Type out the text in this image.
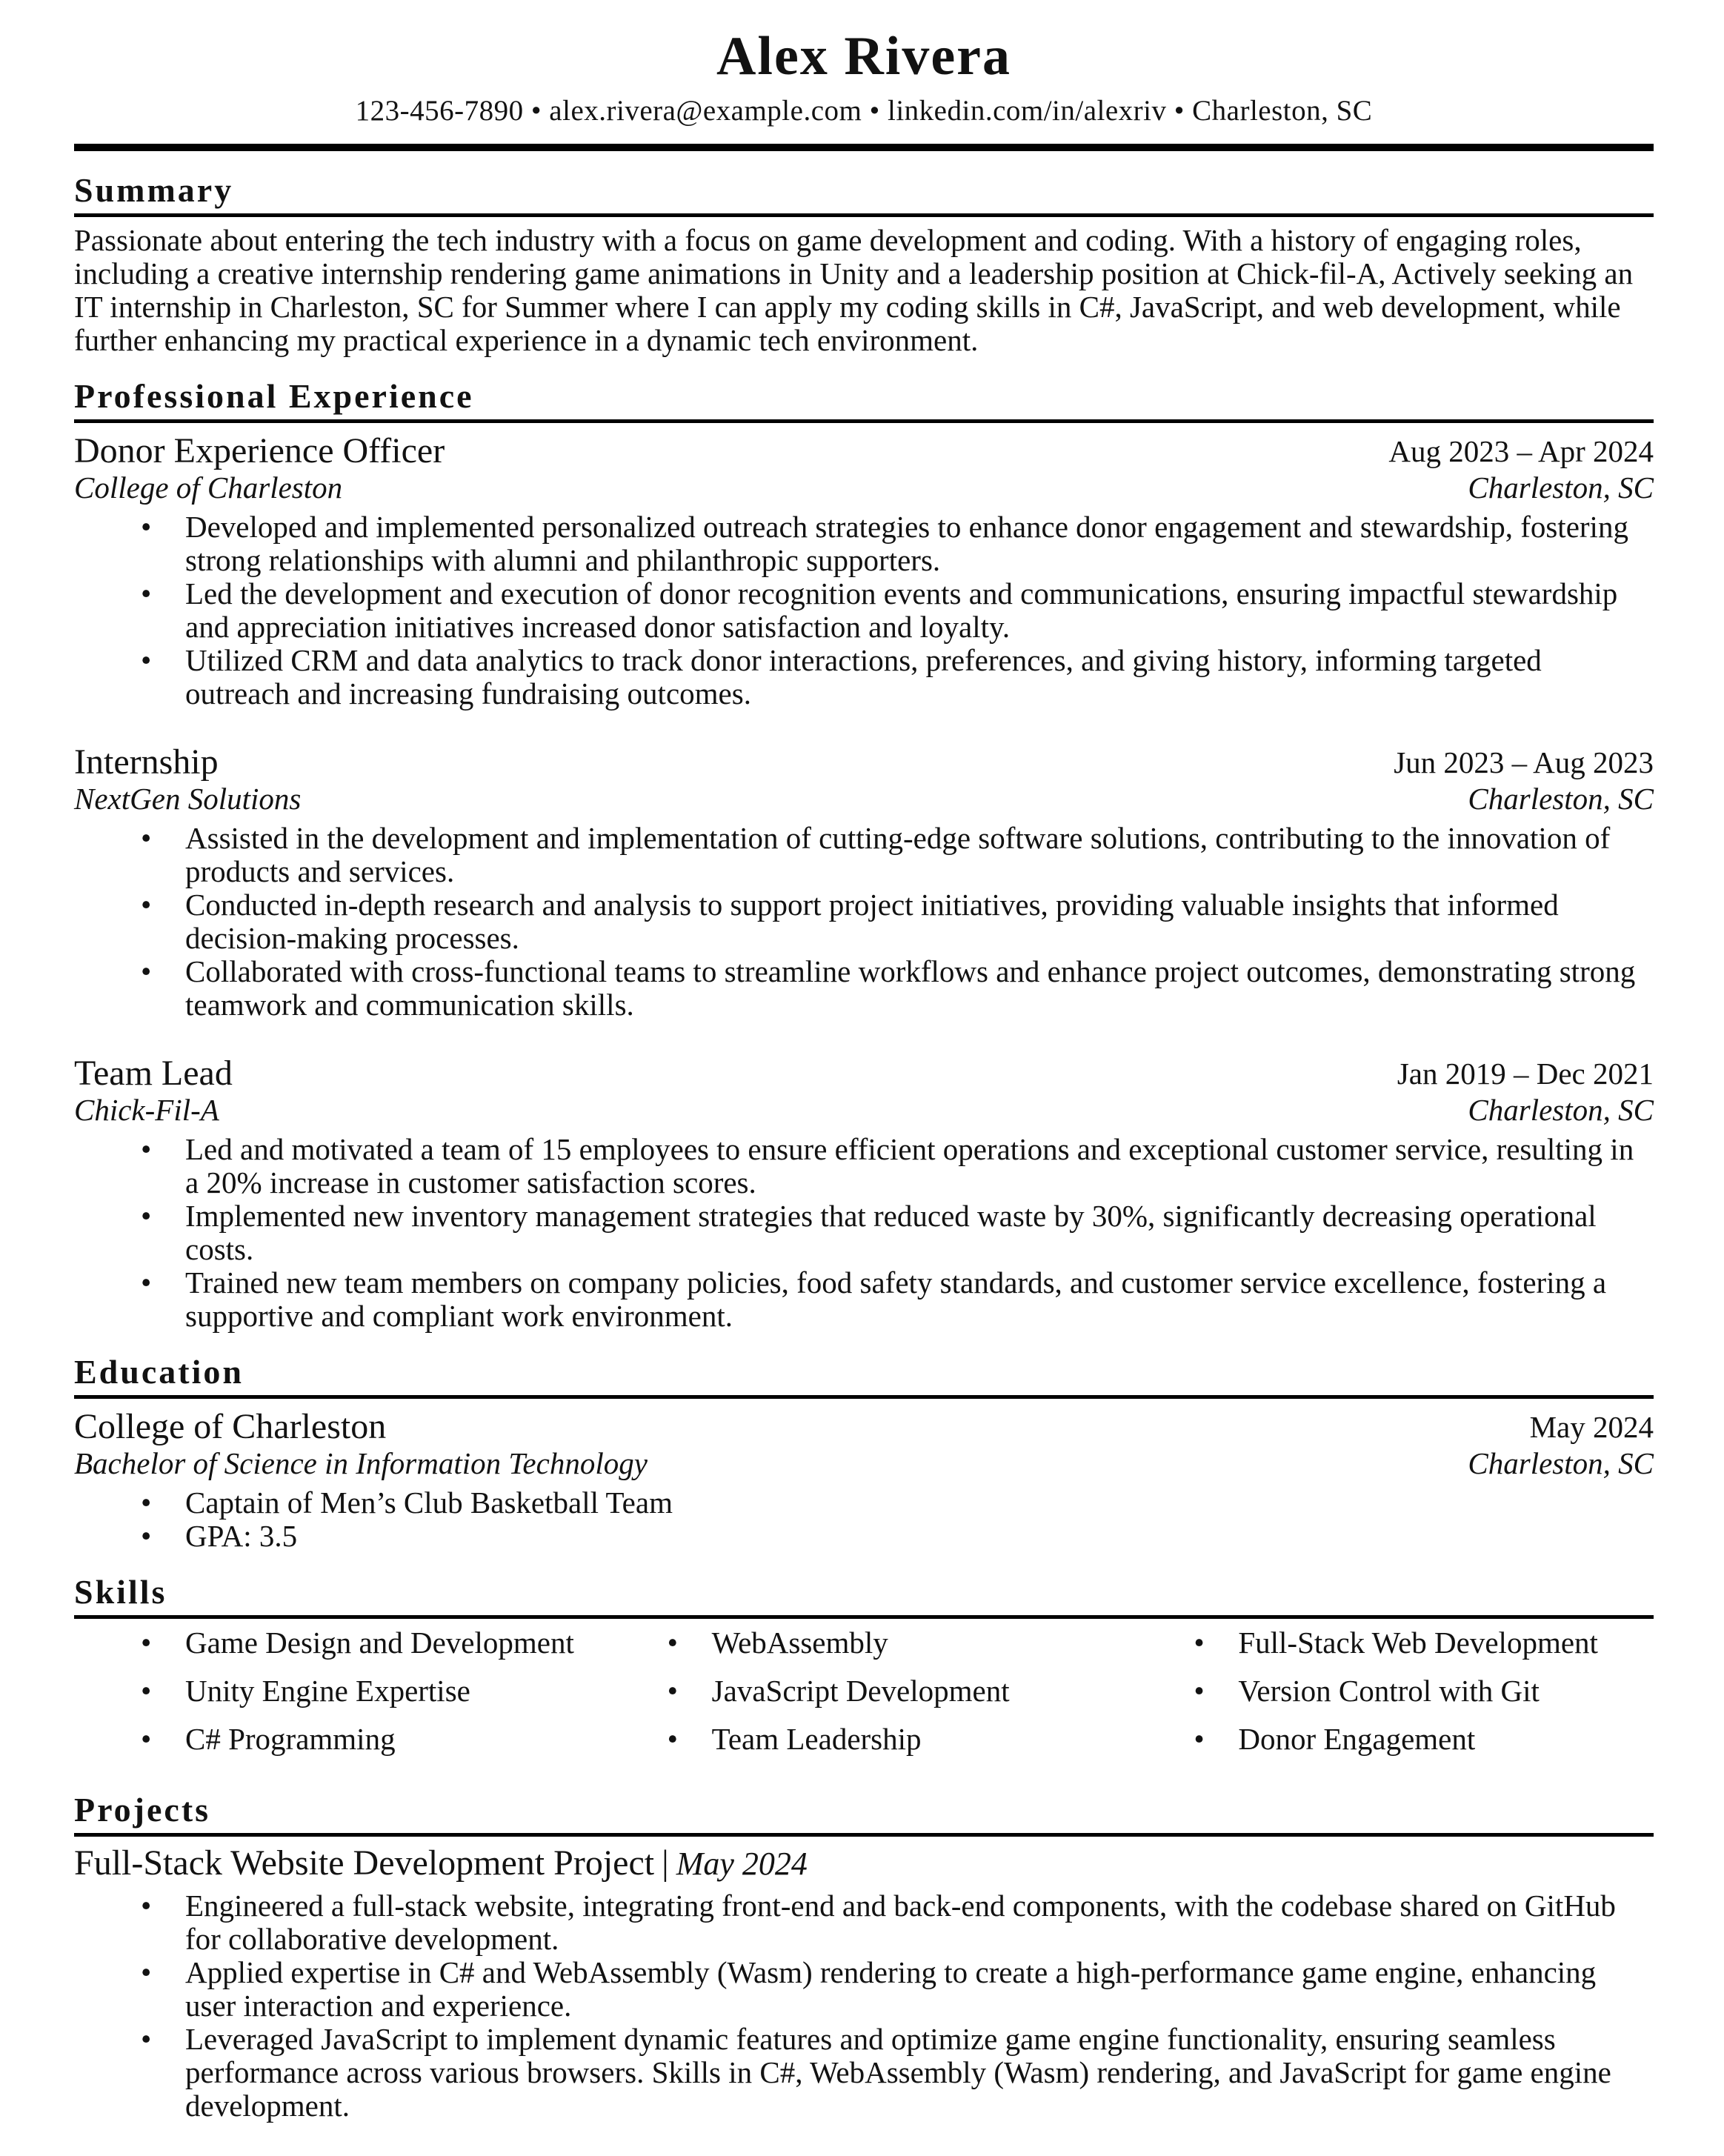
Alex Rivera
123-456-7890 • alex.rivera@example.com • linkedin.com/in/alexriv • Charleston, SC
Summary
Passionate about entering the tech industry with a focus on game development and coding. With a history of engaging roles, including a creative internship rendering game animations in Unity and a leadership position at Chick-fil-A, Actively seeking an IT internship in Charleston, SC for Summer where I can apply my coding skills in C#, JavaScript, and web development, while further enhancing my practical experience in a dynamic tech environment.
Professional Experience
Donor Experience Officer
College of Charleston
Aug 2023 – Apr 2024
Charleston, SC
• Developed and implemented personalized outreach strategies to enhance donor engagement and stewardship, fostering strong relationships with alumni and philanthropic supporters.
• Led the development and execution of donor recognition events and communications, ensuring impactful stewardship and appreciation initiatives increased donor satisfaction and loyalty.
• Utilized CRM and data analytics to track donor interactions, preferences, and giving history, informing targeted outreach and increasing fundraising outcomes.
Internship
NextGen Solutions
Jun 2023 – Aug 2023
Charleston, SC
• Assisted in the development and implementation of cutting-edge software solutions, contributing to the innovation of products and services.
• Conducted in-depth research and analysis to support project initiatives, providing valuable insights that informed decision-making processes.
• Collaborated with cross-functional teams to streamline workflows and enhance project outcomes, demonstrating strong teamwork and communication skills.
Team Lead
Chick-Fil-A
Jan 2019 – Dec 2021
Charleston, SC
• Led and motivated a team of 15 employees to ensure efficient operations and exceptional customer service, resulting in a 20% increase in customer satisfaction scores.
• Implemented new inventory management strategies that reduced waste by 30%, significantly decreasing operational costs.
• Trained new team members on company policies, food safety standards, and customer service excellence, fostering a supportive and compliant work environment.
Education
College of Charleston
Bachelor of Science in Information Technology
May 2024
Charleston, SC
• Captain of Men’s Club Basketball Team
• GPA: 3.5
Skills
• Game Design and Development
• Unity Engine Expertise
• C# Programming
• WebAssembly
• JavaScript Development
• Team Leadership
• Full-Stack Web Development
• Version Control with Git
• Donor Engagement
Projects
Full-Stack Website Development Project | May 2024
• Engineered a full-stack website, integrating front-end and back-end components, with the codebase shared on GitHub for collaborative development.
• Applied expertise in C# and WebAssembly (Wasm) rendering to create a high-performance game engine, enhancing user interaction and experience.
• Leveraged JavaScript to implement dynamic features and optimize game engine functionality, ensuring seamless performance across various browsers. Skills in C#, WebAssembly (Wasm) rendering, and JavaScript for game engine development.
